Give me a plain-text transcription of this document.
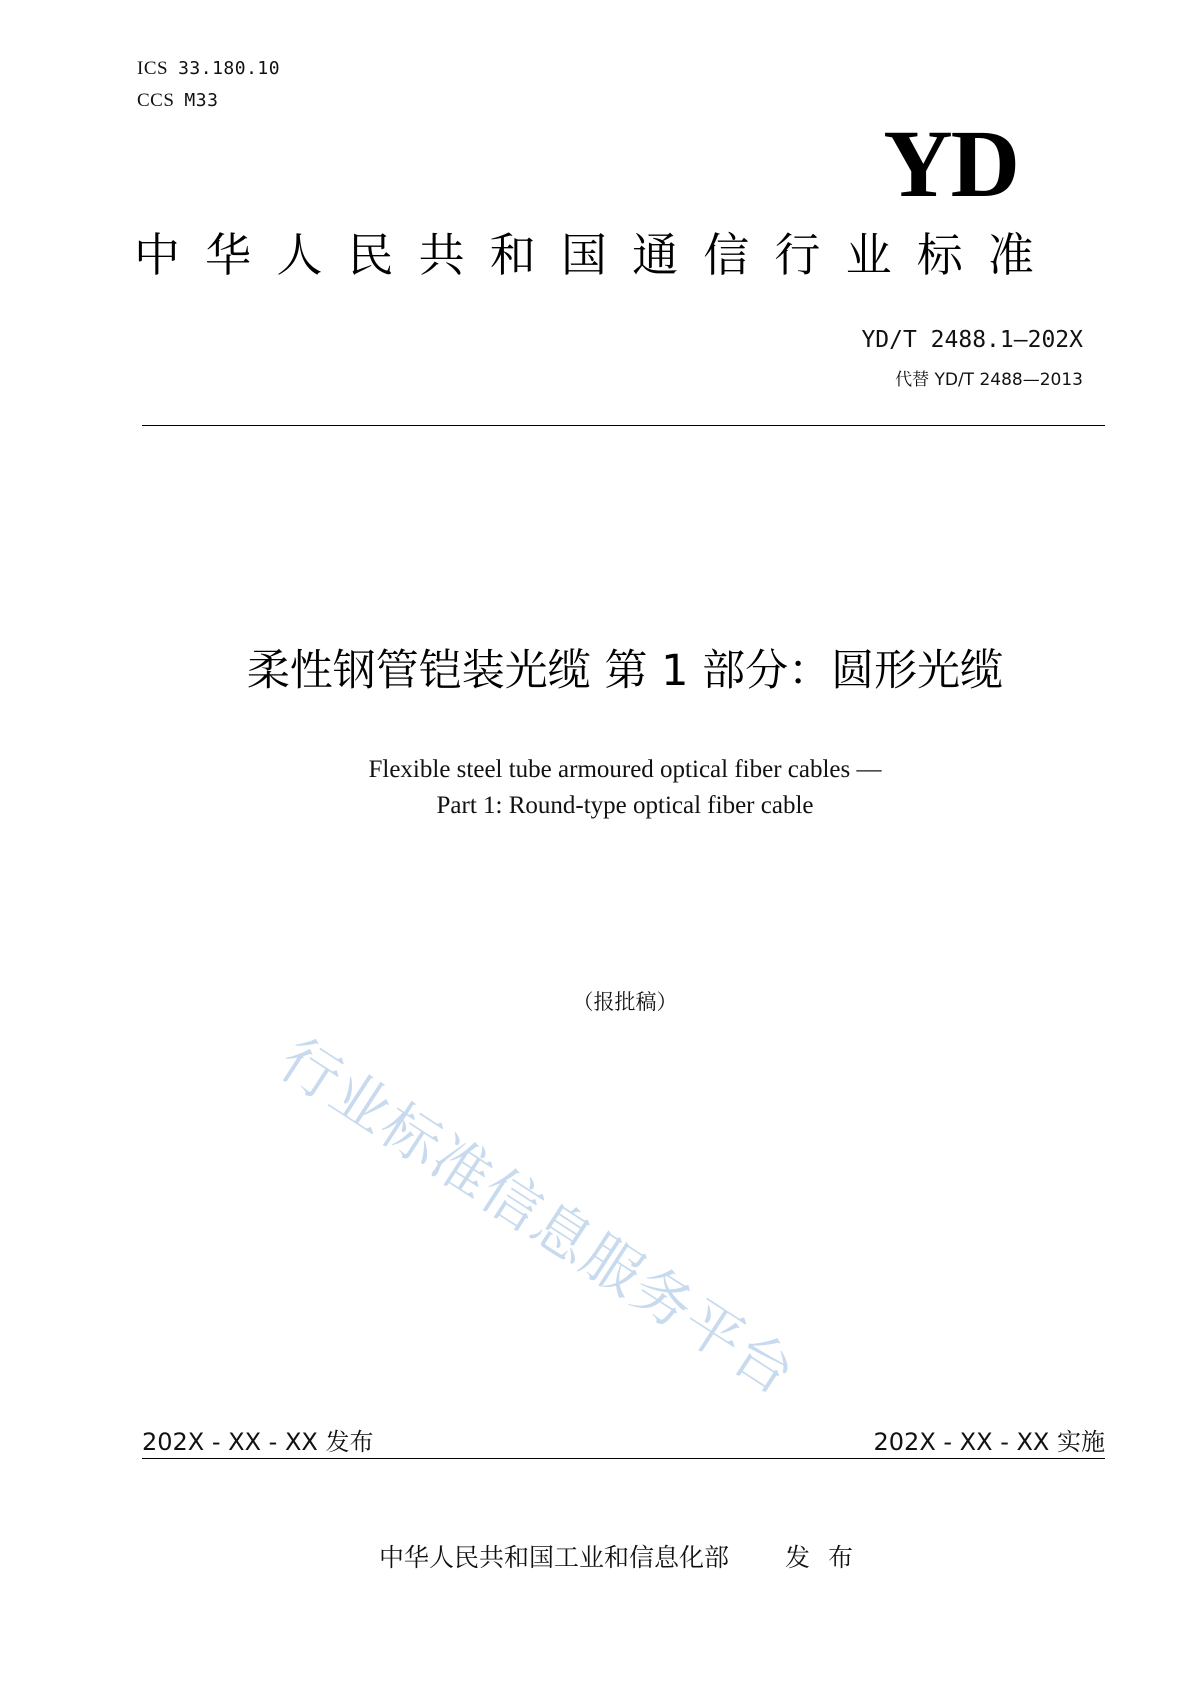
ICS 33.180.10
CCS M33
YD
中 华 人 民 共 和 国 通 信 行 业 标 准
YD/T 2488.1—202X
代替 YD/T 2488—2013
柔性钢管铠装光缆 第 1 部分：圆形光缆
Flexible steel tube armoured optical fiber cables —
Part 1: Round-type optical fiber cable
（报批稿）
行业标准信息服务平台
202X - XX - XX 发布	202X - XX - XX 实施
中华人民共和国工业和信息化部 发布
